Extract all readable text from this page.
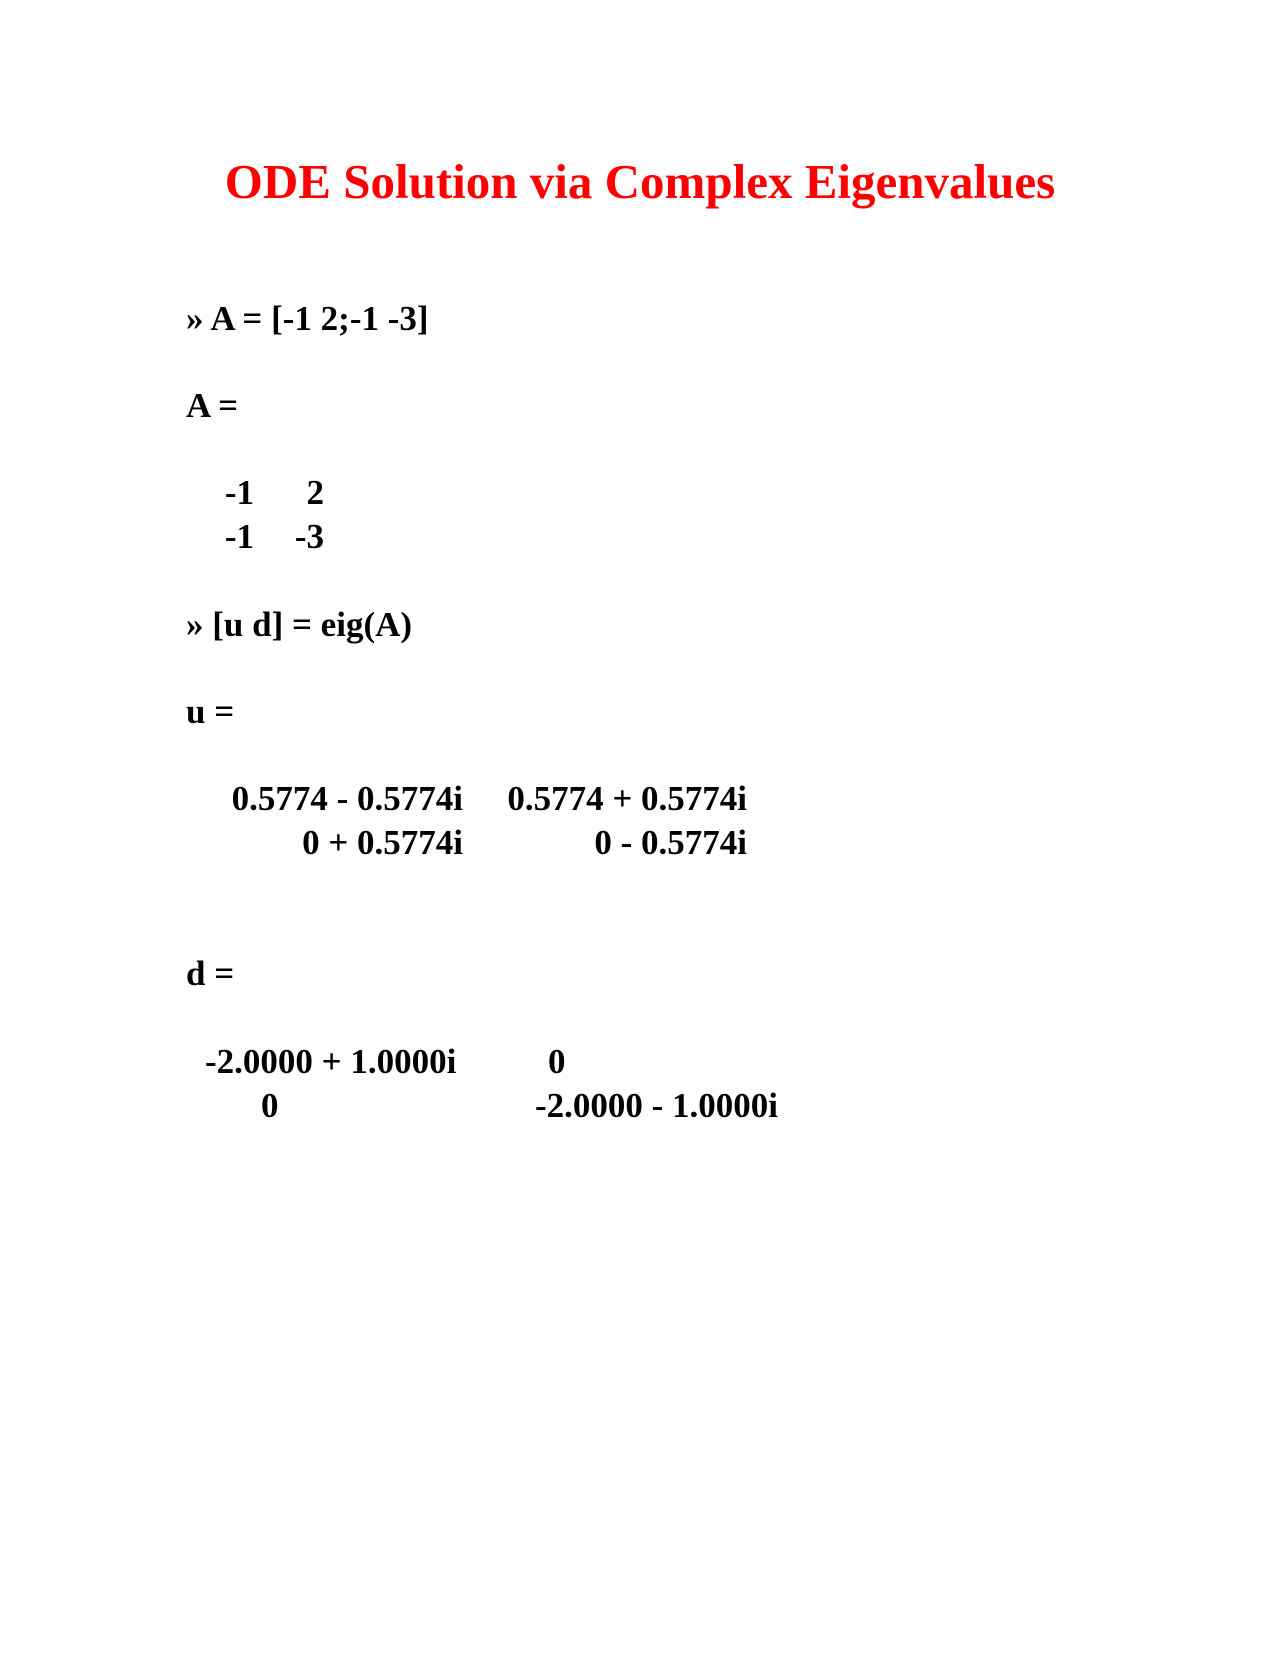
ODE Solution via Complex Eigenvalues
» A = [-1 2;-1 -3]
A =
-1	2
-1	-3
» [u d] = eig(A)
u =
0.5774 - 0.5774i	0.5774 + 0.5774i
0 + 0.5774i	0 - 0.5774i
d =
-2.0000 + 1.0000i	0
0	-2.0000 - 1.0000i
